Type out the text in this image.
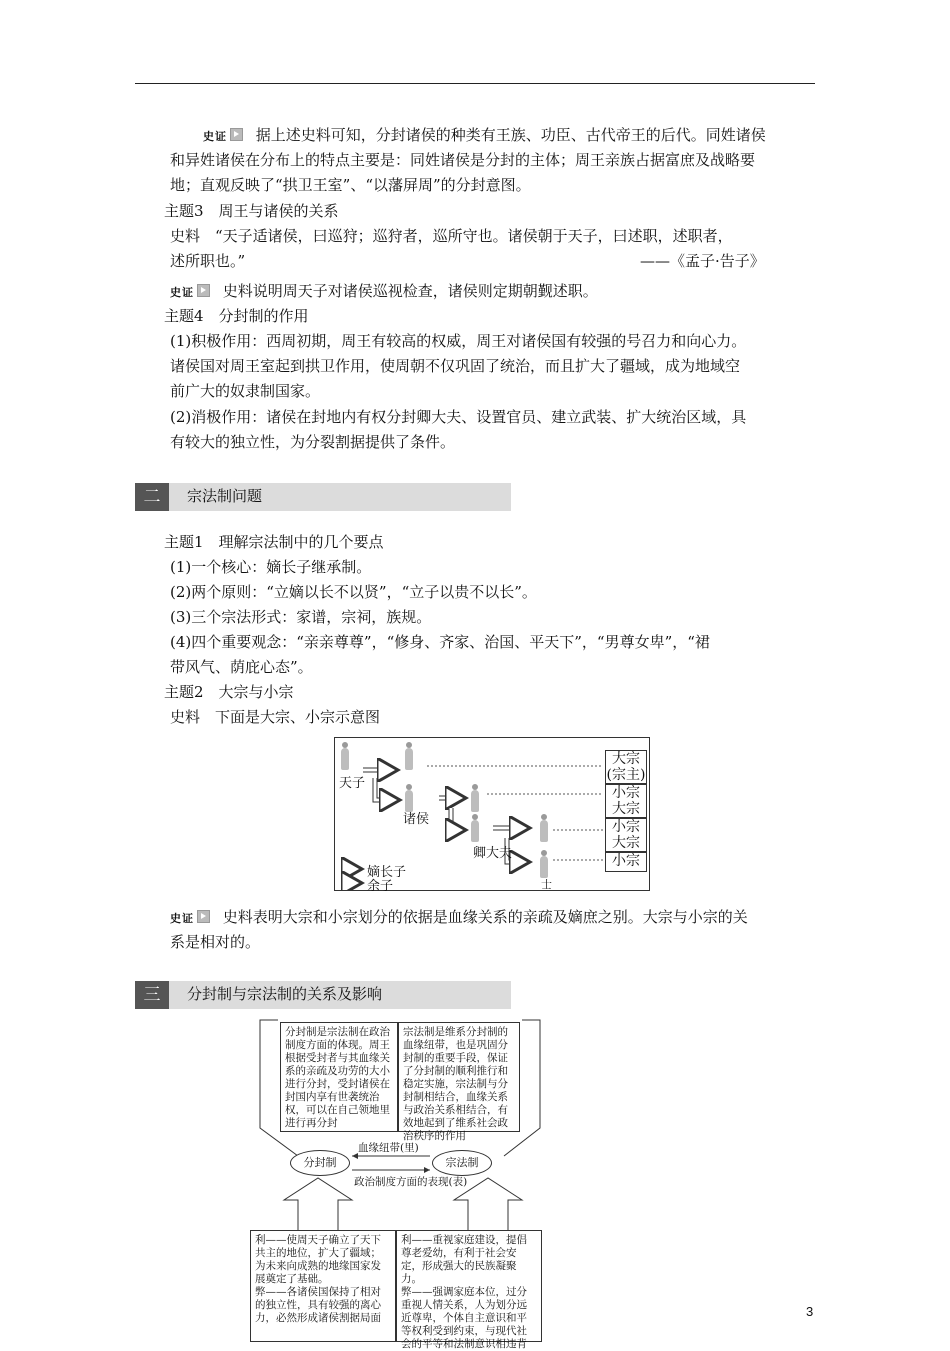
史证 据上述史料可知，分封诸侯的种类有王族、功臣、古代帝王的后代。同姓诸侯
和异姓诸侯在分布上的特点主要是：同姓诸侯是分封的主体；周王亲族占据富庶及战略要
地；直观反映了“拱卫王室”、“以藩屏周”的分封意图。
主题3　周王与诸侯的关系
史料　“天子适诸侯，曰巡狩；巡狩者，巡所守也。诸侯朝于天子，曰述职，述职者，
述所职也。”	——《孟子·告子》
史证 史料说明周天子对诸侯巡视检查，诸侯则定期朝觐述职。
主题4　分封制的作用
(1)积极作用：西周初期，周王有较高的权威，周王对诸侯国有较强的号召力和向心力。
诸侯国对周王室起到拱卫作用，使周朝不仅巩固了统治，而且扩大了疆域，成为地域空
前广大的奴隶制国家。
(2)消极作用：诸侯在封地内有权分封卿大夫、设置官员、建立武装、扩大统治区域，具
有较大的独立性，为分裂割据提供了条件。
二	宗法制问题
主题1　理解宗法制中的几个要点
(1)一个核心：嫡长子继承制。
(2)两个原则：“立嫡以长不以贤”，“立子以贵不以长”。
(3)三个宗法形式：家谱，宗祠，族规。
(4)四个重要观念：“亲亲尊尊”，“修身、齐家、治国、平天下”，“男尊女卑”，“裙
带风气、荫庇心态”。
主题2　大宗与小宗
史料　下面是大宗、小宗示意图
天子
诸侯
卿大夫
士
嫡长子
余子
大宗
(宗主)
小宗
大宗
小宗
大宗
小宗
史证 史料表明大宗和小宗划分的依据是血缘关系的亲疏及嫡庶之别。大宗与小宗的关
系是相对的。
三	分封制与宗法制的关系及影响
分封制是宗法制在政治制度方面的体现。周王根据受封者与其血缘关系的亲疏及功劳的大小进行分封，受封诸侯在封国内享有世袭统治权，可以在自己领地里进行再分封
宗法制是维系分封制的血缘纽带，也是巩固分封制的重要手段，保证了分封制的顺利推行和稳定实施，宗法制与分封制相结合，血缘关系与政治关系相结合，有效地起到了维系社会政治秩序的作用
分封制	宗法制
血缘纽带(里)
政治制度方面的表现(表)
利——使周天子确立了天下共主的地位，扩大了疆域；为未来向成熟的地缘国家发展奠定了基础。
弊——各诸侯国保持了相对的独立性，具有较强的离心力，必然形成诸侯割据局面
利——重视家庭建设，提倡尊老爱幼，有利于社会安定，形成强大的民族凝聚力。
弊——强调家庭本位，过分重视人情关系，人为划分远近尊卑，个体自主意识和平等权利受到约束，与现代社会的平等和法制意识相违背
3
